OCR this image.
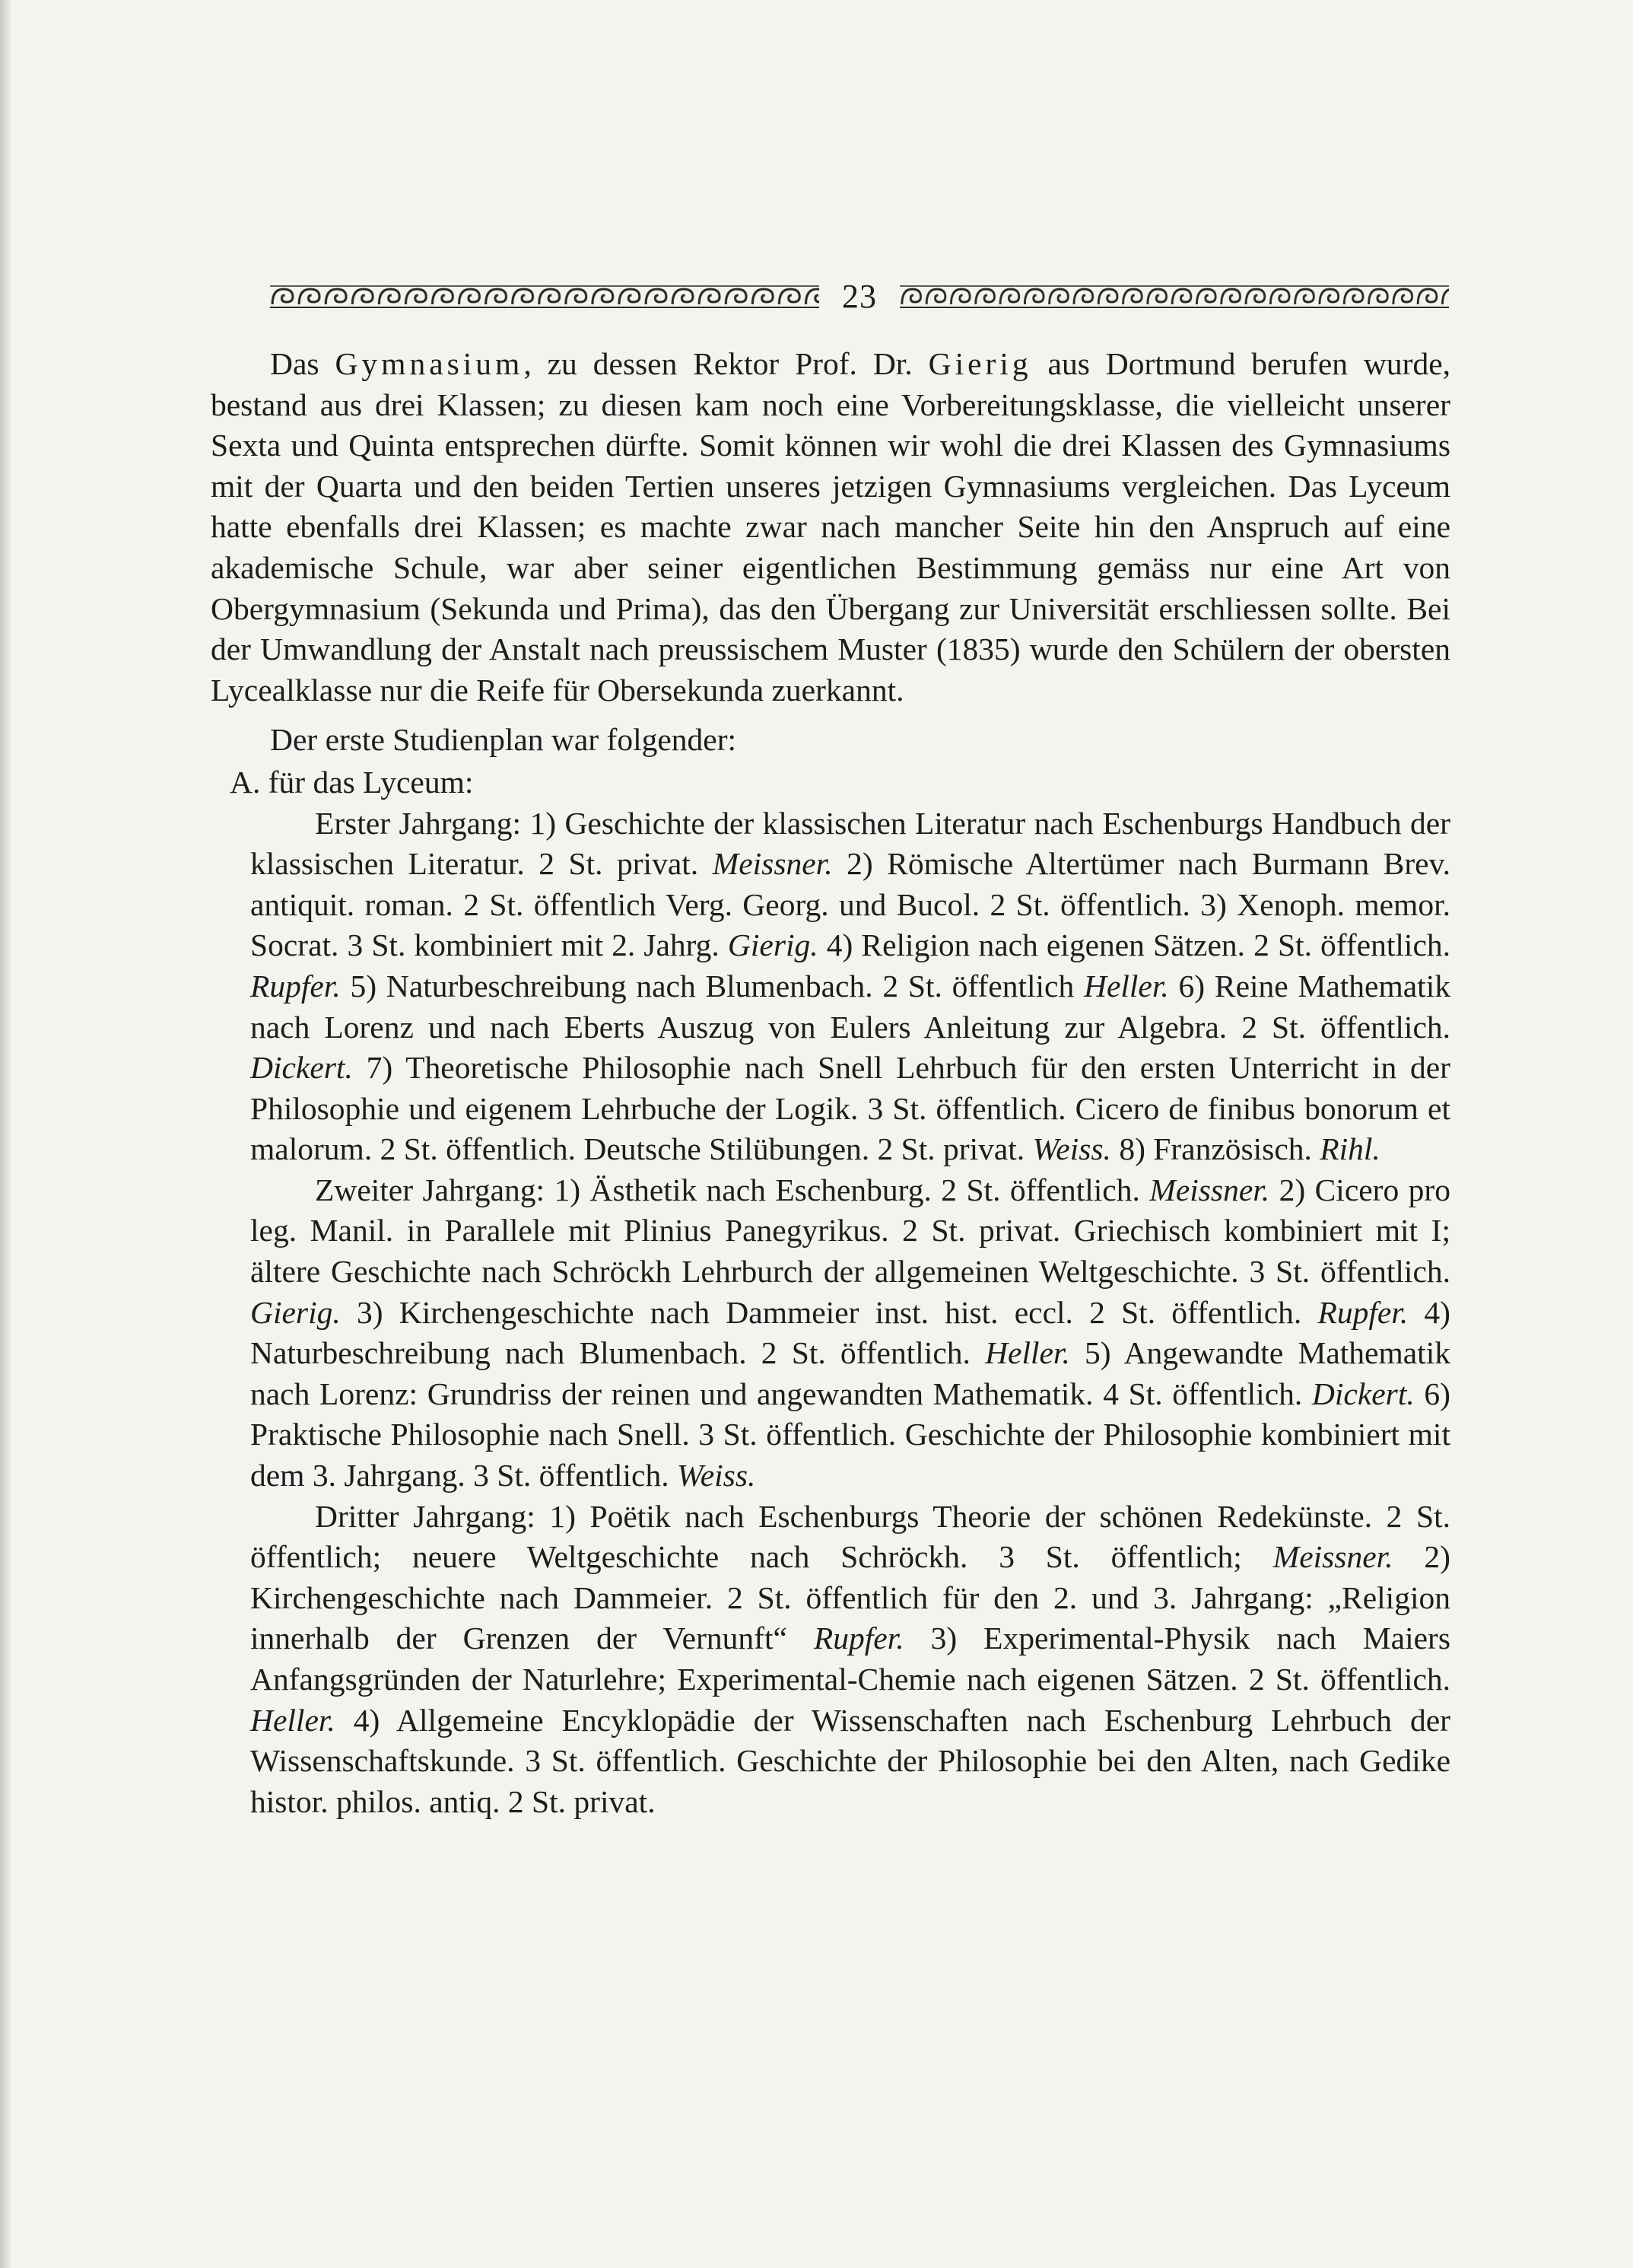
23

Das Gymnasium, zu dessen Rektor Prof. Dr. Gierig aus Dortmund berufen wurde, bestand aus drei Klassen; zu diesen kam noch eine Vorbereitungsklasse, die vielleicht unserer Sexta und Quinta entsprechen dürfte. Somit können wir wohl die drei Klassen des Gymnasiums mit der Quarta und den beiden Tertien unseres jetzigen Gymnasiums vergleichen. Das Lyceum hatte ebenfalls drei Klassen; es machte zwar nach mancher Seite hin den Anspruch auf eine akademische Schule, war aber seiner eigentlichen Bestimmung gemäss nur eine Art von Obergymnasium (Sekunda und Prima), das den Übergang zur Universität erschliessen sollte. Bei der Umwandlung der Anstalt nach preussischem Muster (1835) wurde den Schülern der obersten Lycealklasse nur die Reife für Obersekunda zuerkannt.

Der erste Studienplan war folgender:

A. für das Lyceum:

Erster Jahrgang: 1) Geschichte der klassischen Literatur nach Eschenburgs Handbuch der klassischen Literatur. 2 St. privat. Meissner. 2) Römische Altertümer nach Burmann Brev. antiquit. roman. 2 St. öffentlich Verg. Georg. und Bucol. 2 St. öffentlich. 3) Xenoph. memor. Socrat. 3 St. kombiniert mit 2. Jahrg. Gierig. 4) Religion nach eigenen Sätzen. 2 St. öffentlich. Rupfer. 5) Naturbeschreibung nach Blumenbach. 2 St. öffentlich Heller. 6) Reine Mathematik nach Lorenz und nach Eberts Auszug von Eulers Anleitung zur Algebra. 2 St. öffentlich. Dickert. 7) Theoretische Philosophie nach Snell Lehrbuch für den ersten Unterricht in der Philosophie und eigenem Lehrbuche der Logik. 3 St. öffentlich. Cicero de finibus bonorum et malorum. 2 St. öffentlich. Deutsche Stilübungen. 2 St. privat. Weiss. 8) Französisch. Rihl.

Zweiter Jahrgang: 1) Ästhetik nach Eschenburg. 2 St. öffentlich. Meissner. 2) Cicero pro leg. Manil. in Parallele mit Plinius Panegyrikus. 2 St. privat. Griechisch kombiniert mit I; ältere Geschichte nach Schröckh Lehrburch der allgemeinen Weltgeschichte. 3 St. öffentlich. Gierig. 3) Kirchengeschichte nach Dammeier inst. hist. eccl. 2 St. öffentlich. Rupfer. 4) Naturbeschreibung nach Blumenbach. 2 St. öffentlich. Heller. 5) Angewandte Mathematik nach Lorenz: Grundriss der reinen und angewandten Mathematik. 4 St. öffentlich. Dickert. 6) Praktische Philosophie nach Snell. 3 St. öffentlich. Geschichte der Philosophie kombiniert mit dem 3. Jahrgang. 3 St. öffentlich. Weiss.

Dritter Jahrgang: 1) Poëtik nach Eschenburgs Theorie der schönen Redekünste. 2 St. öffentlich; neuere Weltgeschichte nach Schröckh. 3 St. öffentlich; Meissner. 2) Kirchengeschichte nach Dammeier. 2 St. öffentlich für den 2. und 3. Jahrgang: „Religion innerhalb der Grenzen der Vernunft“ Rupfer. 3) Experimental-Physik nach Maiers Anfangsgründen der Naturlehre; Experimental-Chemie nach eigenen Sätzen. 2 St. öffentlich. Heller. 4) Allgemeine Encyklopädie der Wissenschaften nach Eschenburg Lehrbuch der Wissenschaftskunde. 3 St. öffentlich. Geschichte der Philosophie bei den Alten, nach Gedike histor. philos. antiq. 2 St. privat.
